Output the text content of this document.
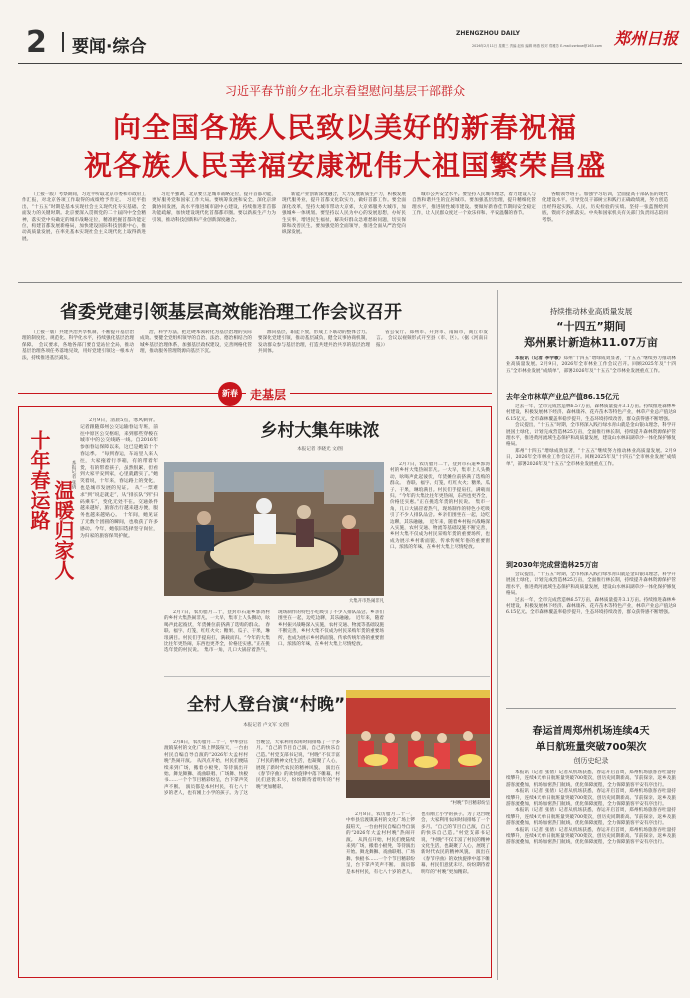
2 要闻·综合
ZHENGZHOU DAILY	郑州日报
2026年2月11日 星期三 责编 赵伟 编辑 韩燕 校对 郑雅芳 E-mail:zzrbxw@163.com
习近平春节前夕在北京看望慰问基层干部群众
向全国各族人民致以美好的新春祝福
祝各族人民幸福安康祝伟大祖国繁荣昌盛

（上接一版）考察期间，习近平听取北京市委和市政府工作汇报，对北京各项工作取得的成绩给予肯定。　习近平指出，“十五五”时期是基本实现社会主义现代化夯实基础、全面发力的关键时期。北京要深入贯彻党的二十届四中全会精神，落实党中央确定的城市战略定位，精准把握首都功能定位，构建首都发展新格局，加快建设国际科技创新中心，推动高质量发展，在率先基本实现社会主义现代化上取得新进展。

习近平强调，北京要立足城市战略定位，提升首都功能，更好服务党和国家工作大局。要统筹发展和安全，深化京津冀协同发展，高水平推进城市副中心建设，持续推进非首都功能疏解，加快建设现代化首都都市圈。要以新质生产力为引领，推动科技创新和产业创新深度融合。

新能产业创新深度融合，大力发展新质生产力，积极发展现代服务业，提升首都文化软实力，做好首都工作。要全面深化改革，坚持大城市带动大京郊，大京郊服务大城市，加强城乡一体规划。要坚持以人民为中心的发展思想，办好民生实事，增进民生福祉，解决好群众急难愁盼问题，切实保障和改善民生。要加强党的全面领导，推进全面从严治党向纵深发展。

城市公共安全水平。要坚持人民城市理念，着力建设人与自然和谐共生的宜居城市。要加强基层治理，提升精细化管理水平，推进韧性城市建设。要做好新春佳节期间安全稳定工作，让人民群众度过一个欢乐祥和、平安温馨的春节。

各级领导班子。加强学习培训，全面提高干部队伍的现代化建设水平。引导党员干部树立和践行正确政绩观，努力创造出经得起实践、人民、历史检验的实绩。坚持一张蓝图绘到底，锲而不舍抓落实。中央和国家机关有关部门负责同志陪同考察。

省委党建引领基层高效能治理工作会议召开

（上接一版）共建共治共享机制，不断提升基层治理的制度化、规范化、科学化水平，持续强化基层治理保障。　会议要求，各地各部门要自觉站位全局，推动基层治理各项任务落地见效，用好党建引领这一根本方法，持续推进基层减负。

治，科学方法，把过硬本领转化为基层治理的实际成效。要健全党组织领导的自治、法治、德治相结合的城乡基层治理体系，加强基层政权建设，完善网格化管理，推动服务管理资源向基层下沉。

源向基层，职能下放，形成上下联动的整体合力。要深化党建引领，推动基层减负，健全议事协商机制，发动群众参与基层治理，打造共建共治共享的基层治理共同体。

省公安厅、郑州市、开封市、南阳市，商丘市发言。　会议以视频形式开至县（市、区）。（据《河南日报》）

新春	走基层
十年春运路 温暖归家人
本报记者 张倩

2月9日，清晨5点，寒风刺骨。记者跟随郑州公交运输春运专班，前往中原区公交枢纽，来到那些穿梭在城市中的公交线路一线。自2016年参加春运保障以来，这已是她第十个春运季。　“每到春运，车站里人来人往，大家拖着行李箱，有的带着年货，有的带着孩子，虽然很累，但看到大家平安到家，心里就踏实了。”她笑着说，十年来，春运路上的变化，也是城市发展的见证。　从“一票难求”到“说走就走”，从“排长队”到“扫码乘车”，变化无处不在。交通条件越来越好，旅客出行越来越方便，服务也越来越贴心。　十年间，她见证了无数个团圆的瞬间，也收获了许多感动。今年，她依旧选择坚守岗位，为归家的旅客保驾护航。

乡村大集年味浓
本报记者 李晓光 文/图
大集开市热闹非凡

2月7日，农历腊月二十，登封市石道乡郭湾村的乡村大集热闹非凡。一大早，集市上人头攒动，吆喝声此起彼伏，年货摊位前挤满了选购的群众。　春联、福字、灯笼，红红火火；糖果、瓜子、干果，琳琅满目。村民们手提肩扛，满载而归。“今年的大集比往年更热闹，东西也更齐全，价格还实惠。”正在挑选年货的村民说。　集市一角，几口大锅冒着热气，现场制作的特色小吃吸引了不少人排队品尝。乡亲们围坐在一起，边吃边聊，其乐融融。　近年来，随着乡村振兴战略深入实施，农村交通、物流等基础设施不断完善，乡村大集不仅成为村民采购年货的重要场所，也成为展示乡村新面貌、传承传统年俗的重要窗口。浓浓的年味，在乡村大集上尽情绽放。

2月7日，农历腊月二十，登封市石道乡郭湾村的乡村大集热闹非凡。一大早，集市上人头攒动，吆喝声此起彼伏，年货摊位前挤满了选购的群众。　春联、福字、灯笼，红红火火；糖果、瓜子、干果，琳琅满目。村民们手提肩扛，满载而归。“今年的大集比往年更热闹，东西也更齐全，价格还实惠。”正在挑选年货的村民说。　集市一角，几口大锅冒着热气，现场制作的特色小吃吸引了不少人排队品尝。乡亲们围坐在一起，边吃边聊，其乐融融。　近年来，随着乡村振兴战略深入实施，农村交通、物流等基础设施不断完善，乡村大集不仅成为村民采购年货的重要场所，也成为展示乡村新面貌、传承传统年俗的重要窗口。浓浓的年味，在乡村大集上尽情绽放。

全村人登台演“村晚”
本报记者 卢文军 文/图

2月8日，农历腊月二十一，中牟县官渡镇某村的文化广场上锣鼓喧天，一台由村民自编自导自演的“2026年大孟村村晚”热闹开演。　从四点开始，村民们便陆续来到广场，搬着小板凳，等待演出开始。舞龙舞狮、戏曲联唱、广场舞、快板书……一个个节目精彩纷呈，台下掌声笑声不断。　演员都是本村村民，有七八十岁的老人，也有刚上小学的孩子。为了这台晚会，大家利用农闲时间排练了一个多月。“自己的节目自己演，自己的快乐自己造。”村党支部书记说，“村晚”不仅丰富了村民的精神文化生活，也凝聚了人心，展现了新时代农民的精神风貌。　演出在《春节序曲》的欢快旋律中落下帷幕，村民们意犹未尽，纷纷期待着明年的“村晚”更加精彩。

“村晚”节目精彩纷呈

2月8日，农历腊月二十一，中牟县官渡镇某村的文化广场上锣鼓喧天，一台由村民自编自导自演的“2026年大孟村村晚”热闹开演。　从四点开始，村民们便陆续来到广场，搬着小板凳，等待演出开始。舞龙舞狮、戏曲联唱、广场舞、快板书……一个个节目精彩纷呈，台下掌声笑声不断。　演员都是本村村民，有七八十岁的老人，也有刚上小学的孩子。为了这台晚会，大家利用农闲时间排练了一个多月。“自己的节目自己演，自己的快乐自己造。”村党支部书记说，“村晚”不仅丰富了村民的精神文化生活，也凝聚了人心，展现了新时代农民的精神风貌。　演出在《春节序曲》的欢快旋律中落下帷幕，村民们意犹未尽，纷纷期待着明年的“村晚”更加精彩。

持续推动林业高质量发展
“十四五”期间
郑州累计新造林11.07万亩

本报讯（记者 李学敏）郑州“十四五”增绿成效显著，“十五五”继续努力推动林业高质量发展。2月9日，2026年全市林业工作会议召开。回顾2025年及“十四五”全市林业发展“成绩单”，部署2026年及“十五五”全市林业发展重点工作。

去年全市林草产业总产值86.15亿元

过去一年，全市完成营造林6.57万亩，森林质量提升3.1万亩。持续推进森林乡村建设，积极发展林下经济、森林康养、花卉苗木等特色产业，林草产业总产值达86.15亿元。全市森林覆盖率稳步提升，生态环境持续改善，群众获得感不断增强。

会议提出，“十五五”时期，全市将深入践行绿水青山就是金山银山理念，科学开展国土绿化，计划完成营造林25万亩，全面推行林长制，持续提升森林资源保护管理水平，推进黄河流域生态保护和高质量发展，建设山水林田湖草沙一体化保护修复格局。

郑州“十四五”增绿成效显著，“十五五”继续努力推动林业高质量发展。2月9日，2026年全市林业工作会议召开。回顾2025年及“十四五”全市林业发展“成绩单”，部署2026年及“十五五”全市林业发展重点工作。

到2030年完成营造林25万亩

会议提出，“十五五”时期，全市将深入践行绿水青山就是金山银山理念，科学开展国土绿化，计划完成营造林25万亩，全面推行林长制，持续提升森林资源保护管理水平，推进黄河流域生态保护和高质量发展，建设山水林田湖草沙一体化保护修复格局。

过去一年，全市完成营造林6.57万亩，森林质量提升3.1万亩。持续推进森林乡村建设，积极发展林下经济、森林康养、花卉苗木等特色产业，林草产业总产值达86.15亿元。全市森林覆盖率稳步提升，生态环境持续改善，群众获得感不断增强。

春运首周郑州机场连续4天
单日航班量突破700架次
创历史纪录

本报讯（记者 张倩）记者从机场获悉，春运开启首周，郑州机场旅客吞吐量持续攀升，连续4天单日航班量突破700架次，创历史同期新高。节前探亲、返乡及旅游客流叠加，机场加密热门航线，优化保障流程，全力保障旅客平安有序出行。

本报讯（记者 张倩）记者从机场获悉，春运开启首周，郑州机场旅客吞吐量持续攀升，连续4天单日航班量突破700架次，创历史同期新高。节前探亲、返乡及旅游客流叠加，机场加密热门航线，优化保障流程，全力保障旅客平安有序出行。

本报讯（记者 张倩）记者从机场获悉，春运开启首周，郑州机场旅客吞吐量持续攀升，连续4天单日航班量突破700架次，创历史同期新高。节前探亲、返乡及旅游客流叠加，机场加密热门航线，优化保障流程，全力保障旅客平安有序出行。

本报讯（记者 张倩）记者从机场获悉，春运开启首周，郑州机场旅客吞吐量持续攀升，连续4天单日航班量突破700架次，创历史同期新高。节前探亲、返乡及旅游客流叠加，机场加密热门航线，优化保障流程，全力保障旅客平安有序出行。
